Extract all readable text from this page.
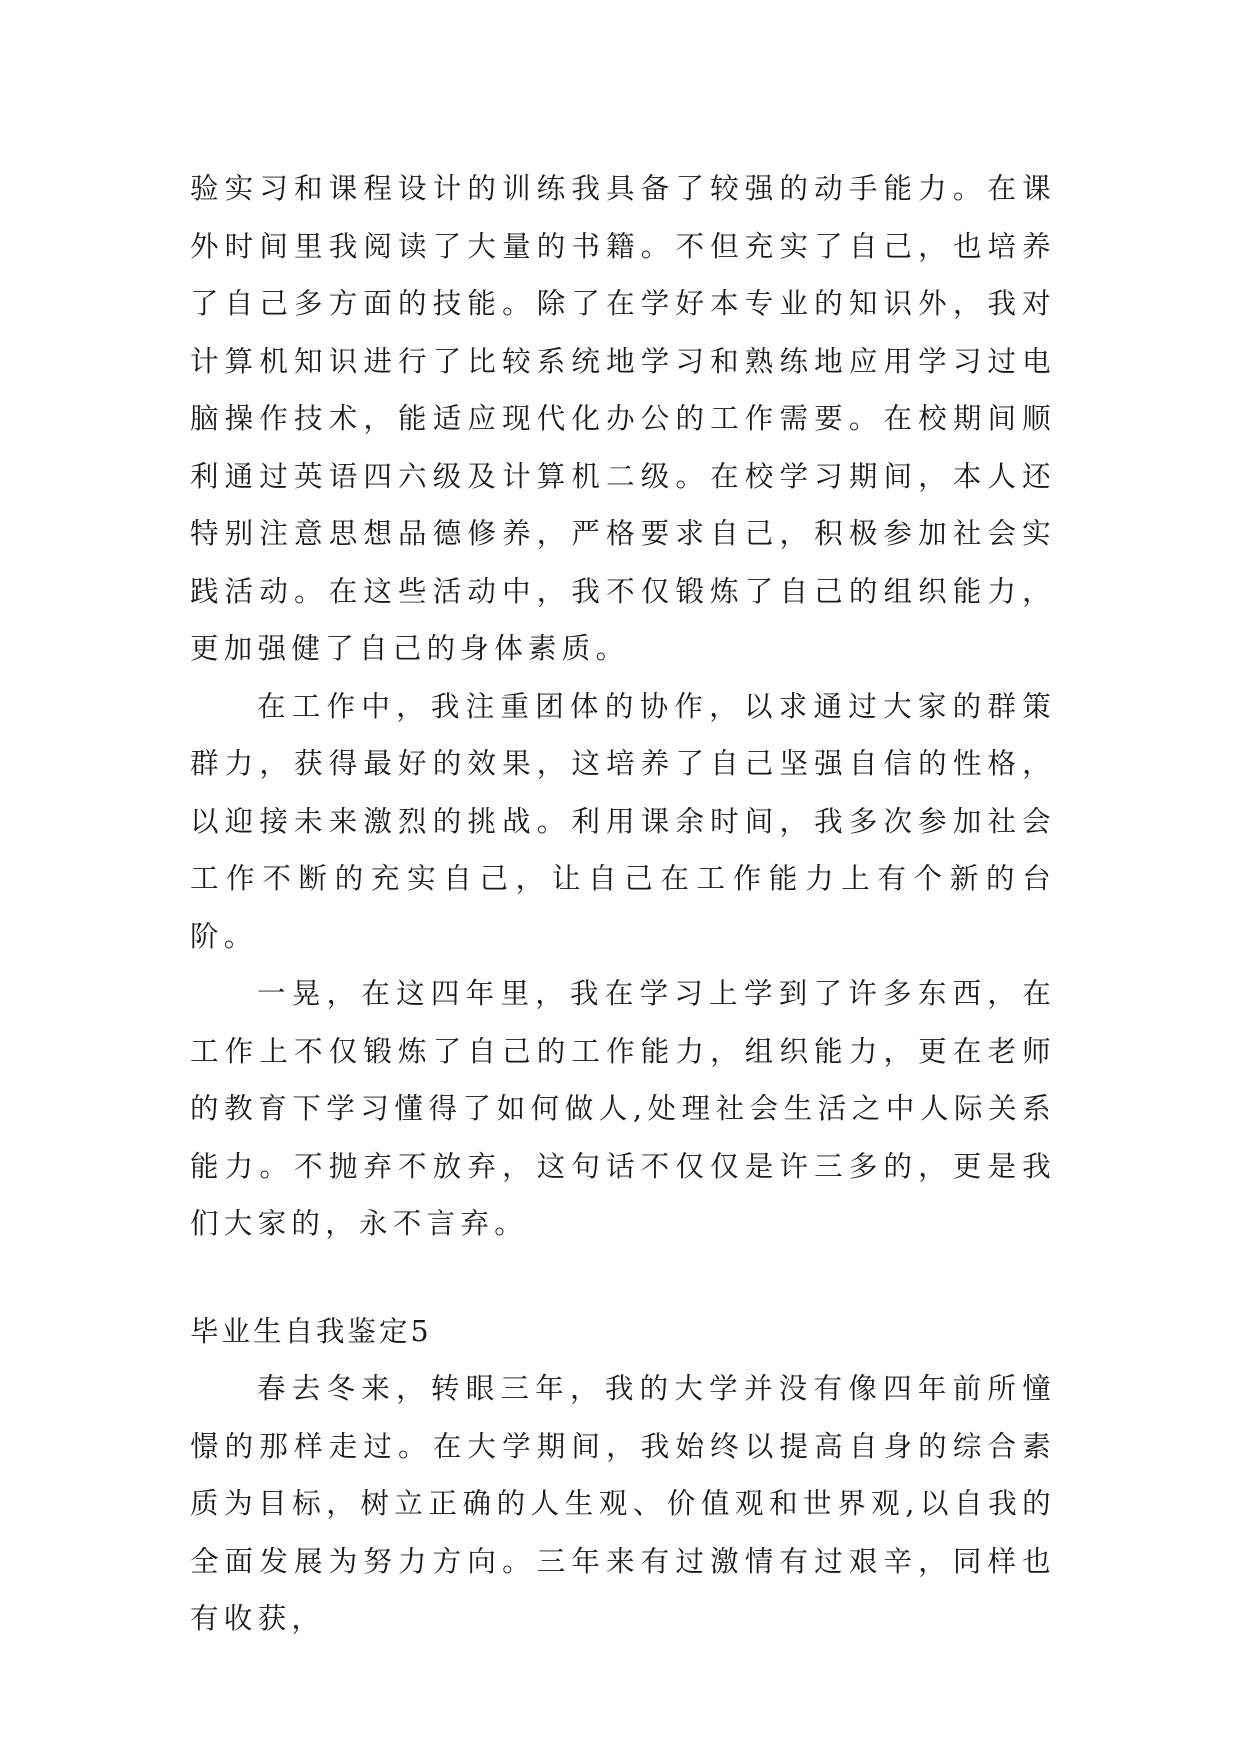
验实习和课程设计的训练我具备了较强的动手能力。在课外时间里我阅读了大量的书籍。不但充实了自己，也培养了自己多方面的技能。除了在学好本专业的知识外，我对计算机知识进行了比较系统地学习和熟练地应用学习过电脑操作技术，能适应现代化办公的工作需要。在校期间顺利通过英语四六级及计算机二级。在校学习期间，本人还特别注意思想品德修养，严格要求自己，积极参加社会实践活动。在这些活动中，我不仅锻炼了自己的组织能力，更加强健了自己的身体素质。

在工作中，我注重团体的协作，以求通过大家的群策群力，获得最好的效果，这培养了自己坚强自信的性格，以迎接未来激烈的挑战。利用课余时间，我多次参加社会工作不断的充实自己，让自己在工作能力上有个新的台阶。

一晃，在这四年里，我在学习上学到了许多东西，在工作上不仅锻炼了自己的工作能力，组织能力，更在老师的教育下学习懂得了如何做人,处理社会生活之中人际关系能力。不抛弃不放弃，这句话不仅仅是许三多的，更是我们大家的，永不言弃。

毕业生自我鉴定5

春去冬来，转眼三年，我的大学并没有像四年前所憧憬的那样走过。在大学期间，我始终以提高自身的综合素质为目标，树立正确的人生观、价值观和世界观,以自我的全面发展为努力方向。三年来有过激情有过艰辛，同样也有收获，
